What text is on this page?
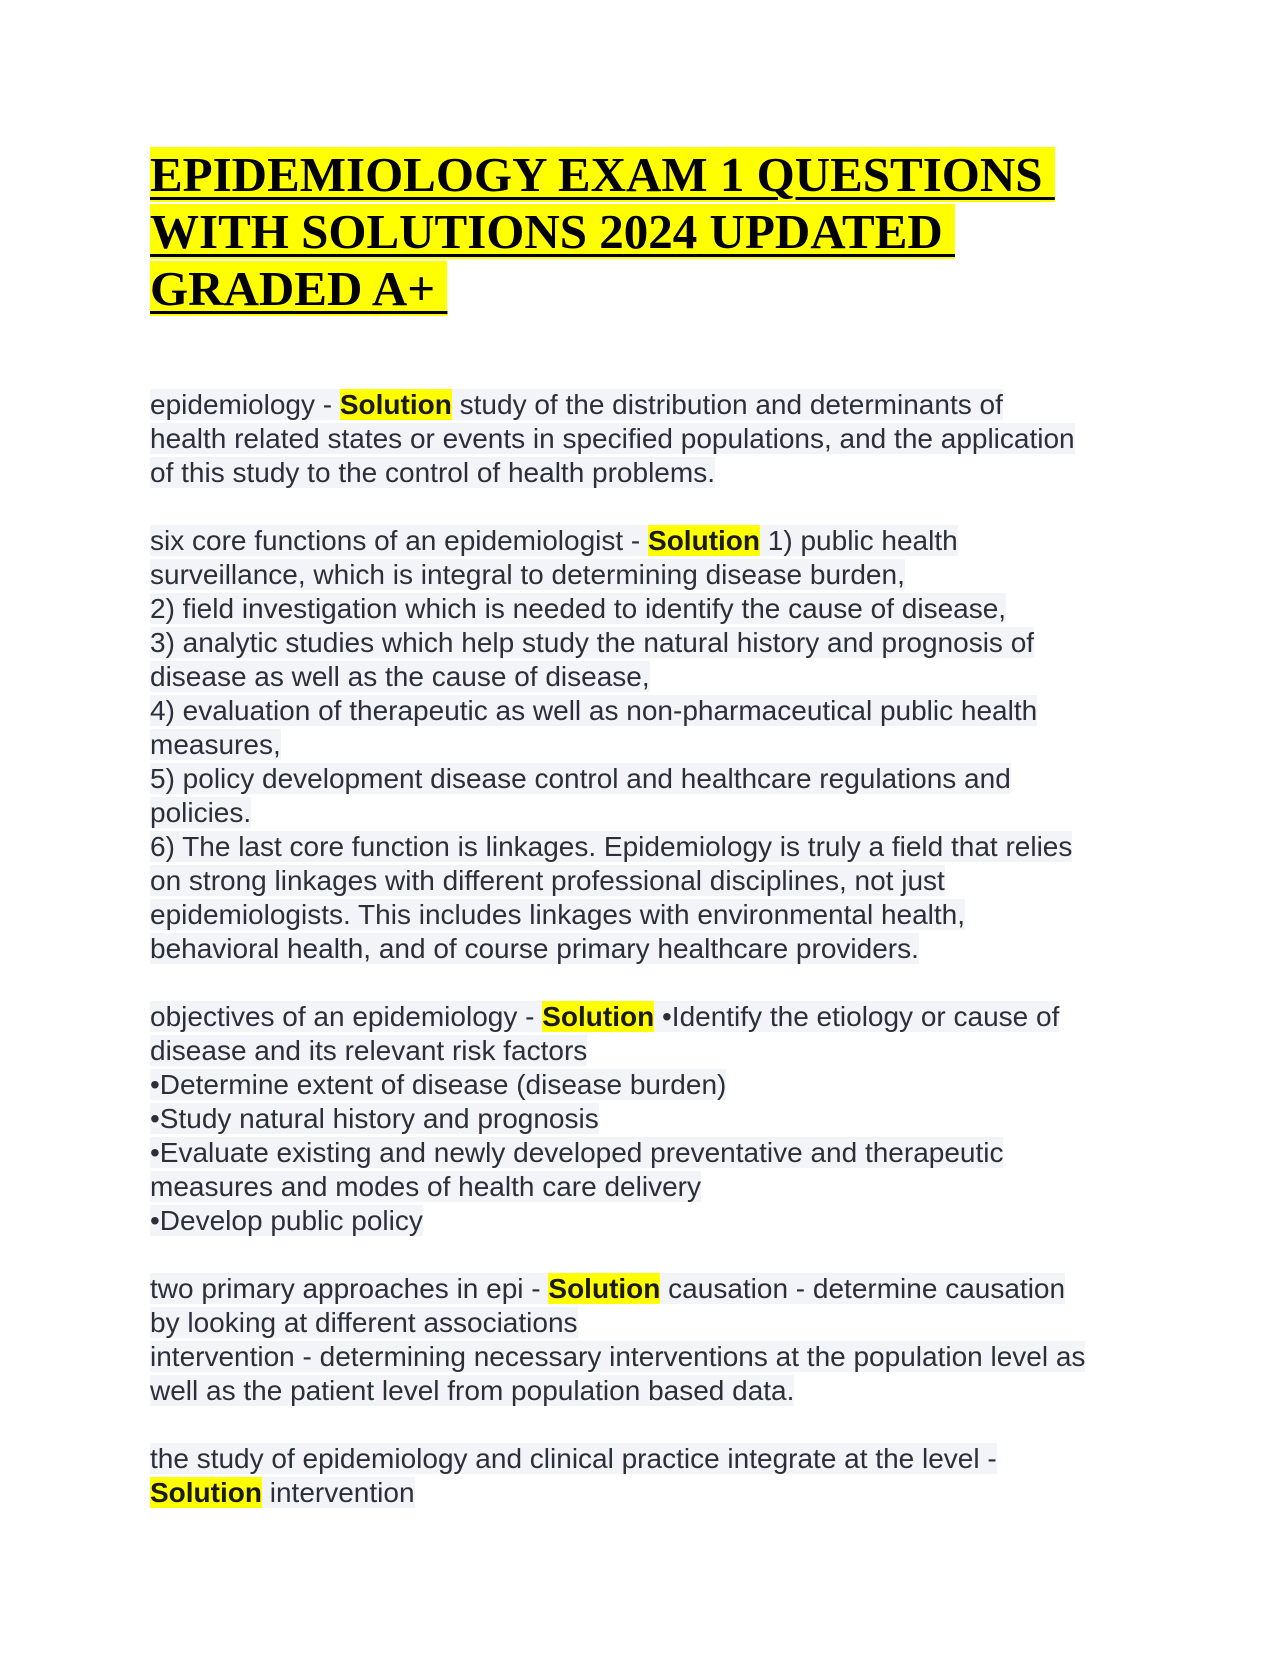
EPIDEMIOLOGY EXAM 1 QUESTIONS
WITH SOLUTIONS 2024 UPDATED
GRADED A+
epidemiology - Solution study of the distribution and determinants of
health related states or events in specified populations, and the application
of this study to the control of health problems.
six core functions of an epidemiologist - Solution 1) public health
surveillance, which is integral to determining disease burden,
2) field investigation which is needed to identify the cause of disease,
3) analytic studies which help study the natural history and prognosis of
disease as well as the cause of disease,
4) evaluation of therapeutic as well as non-pharmaceutical public health
measures,
5) policy development disease control and healthcare regulations and
policies.
6) The last core function is linkages. Epidemiology is truly a field that relies
on strong linkages with different professional disciplines, not just
epidemiologists. This includes linkages with environmental health,
behavioral health, and of course primary healthcare providers.
objectives of an epidemiology - Solution •Identify the etiology or cause of
disease and its relevant risk factors
•Determine extent of disease (disease burden)
•Study natural history and prognosis
•Evaluate existing and newly developed preventative and therapeutic
measures and modes of health care delivery
•Develop public policy
two primary approaches in epi - Solution causation - determine causation
by looking at different associations
intervention - determining necessary interventions at the population level as
well as the patient level from population based data.
the study of epidemiology and clinical practice integrate at the level -
Solution intervention
